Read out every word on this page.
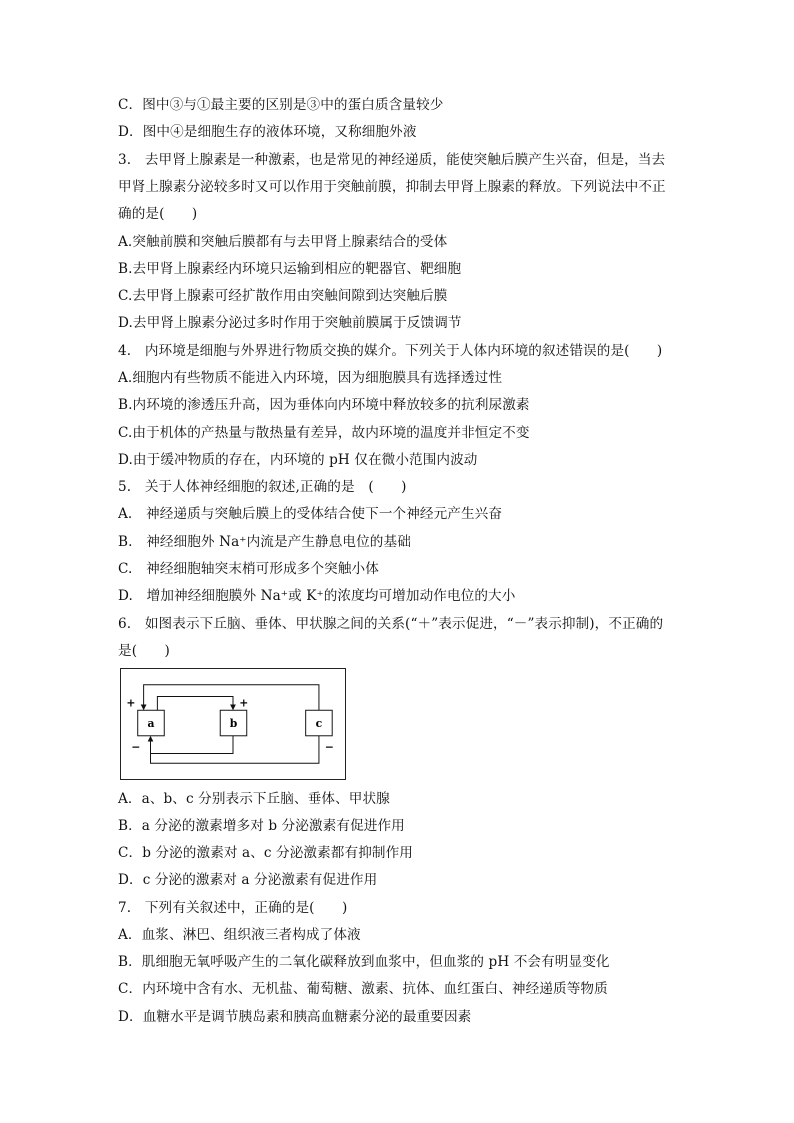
C．图中③与①最主要的区别是③中的蛋白质含量较少
D．图中④是细胞生存的液体环境，又称细胞外液
3.　去甲肾上腺素是一种激素，也是常见的神经递质，能使突触后膜产生兴奋，但是，当去
甲肾上腺素分泌较多时又可以作用于突触前膜，抑制去甲肾上腺素的释放。下列说法中不正
确的是(　　)
A.突触前膜和突触后膜都有与去甲肾上腺素结合的受体
B.去甲肾上腺素经内环境只运输到相应的靶器官、靶细胞
C.去甲肾上腺素可经扩散作用由突触间隙到达突触后膜
D.去甲肾上腺素分泌过多时作用于突触前膜属于反馈调节
4.　内环境是细胞与外界进行物质交换的媒介。下列关于人体内环境的叙述错误的是(　　)
A.细胞内有些物质不能进入内环境，因为细胞膜具有选择透过性
B.内环境的渗透压升高，因为垂体向内环境中释放较多的抗利尿激素
C.由于机体的产热量与散热量有差异，故内环境的温度并非恒定不变
D.由于缓冲物质的存在，内环境的 pH 仅在微小范围内波动
5.　关于人体神经细胞的叙述,正确的是　(　　)
A.　神经递质与突触后膜上的受体结合使下一个神经元产生兴奋
B.　神经细胞外 Na⁺内流是产生静息电位的基础
C.　神经细胞轴突末梢可形成多个突触小体
D.　增加神经细胞膜外 Na⁺或 K⁺的浓度均可增加动作电位的大小
6.　如图表示下丘脑、垂体、甲状腺之间的关系(“＋”表示促进，“－”表示抑制)，不正确的
是(　　)
a	b	c
+	+
−	−
A．a、b、c 分别表示下丘脑、垂体、甲状腺
B．a 分泌的激素增多对 b 分泌激素有促进作用
C．b 分泌的激素对 a、c 分泌激素都有抑制作用
D．c 分泌的激素对 a 分泌激素有促进作用
7.　下列有关叙述中，正确的是(　　)
A．血浆、淋巴、组织液三者构成了体液
B．肌细胞无氧呼吸产生的二氧化碳释放到血浆中，但血浆的 pH 不会有明显变化
C．内环境中含有水、无机盐、葡萄糖、激素、抗体、血红蛋白、神经递质等物质
D．血糖水平是调节胰岛素和胰高血糖素分泌的最重要因素
